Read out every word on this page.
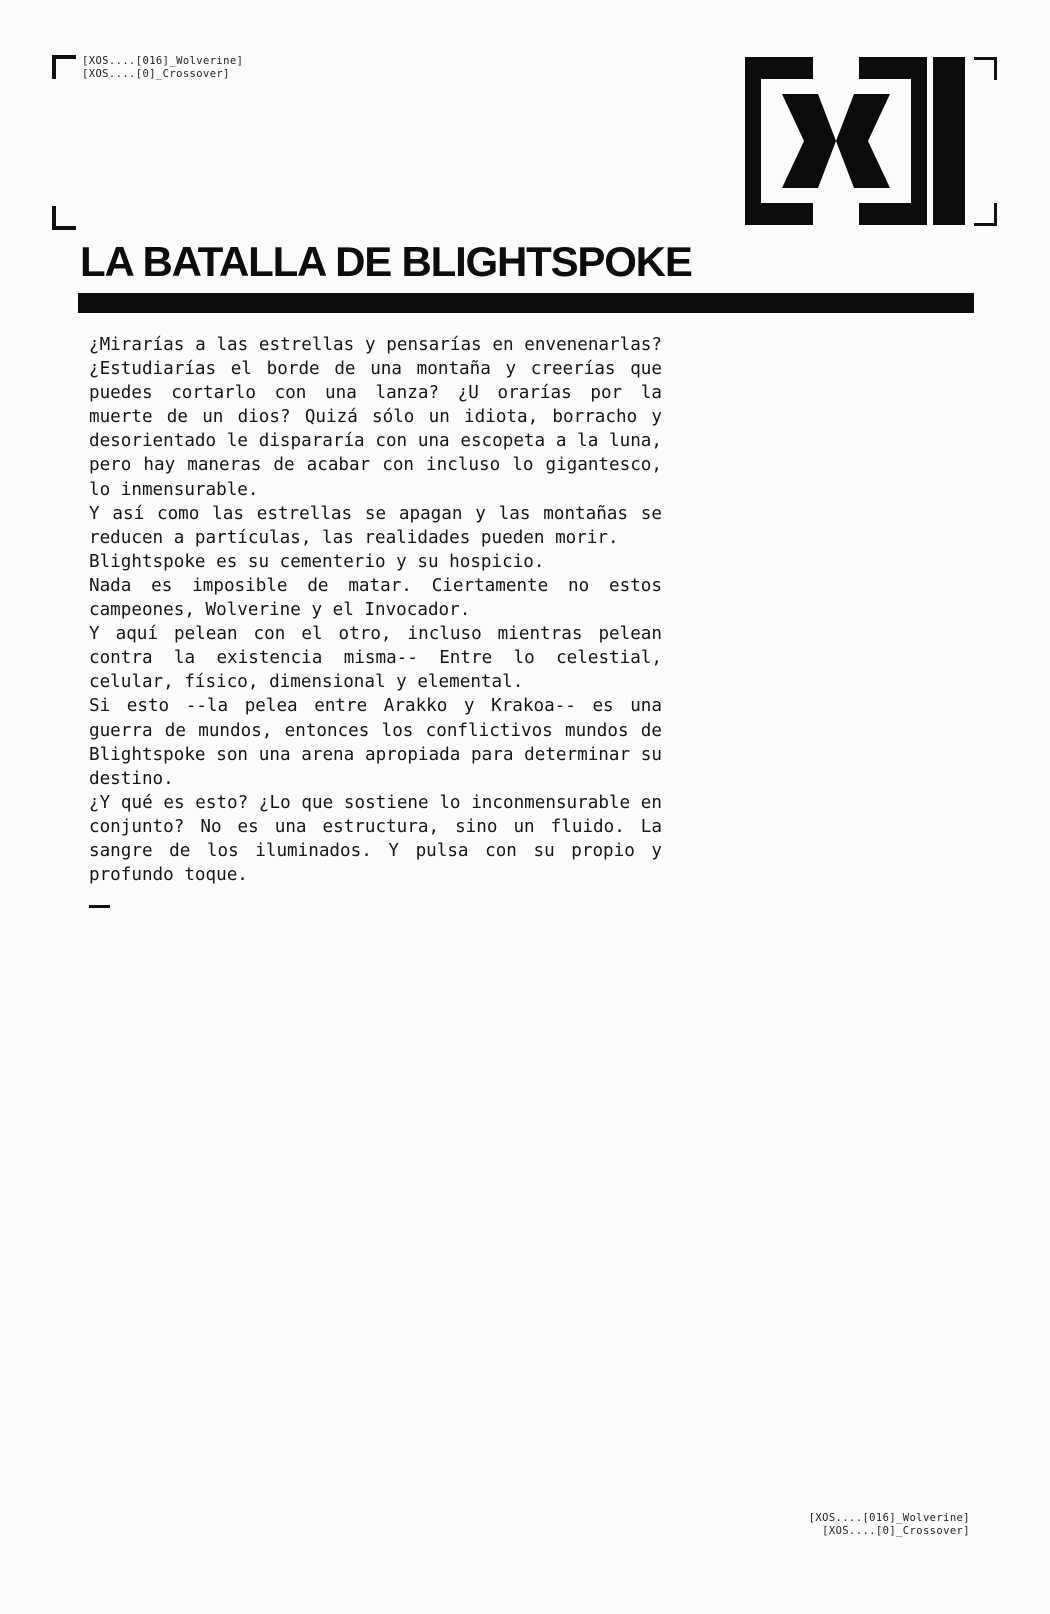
[XOS....[016]_Wolverine]
[XOS....[0]_Crossover]
LA BATALLA DE BLIGHTSPOKE

¿Mirarías a las estrellas y pensarías en envenenarlas? ¿Estudiarías el borde de una montaña y creerías que puedes cortarlo con una lanza? ¿U orarías por la muerte de un dios? Quizá sólo un idiota, borracho y desorientado le dispararía con una escopeta a la luna, pero hay maneras de acabar con incluso lo gigantesco, lo inmensurable.

Y así como las estrellas se apagan y las montañas se reducen a partículas, las realidades pueden morir.

Blightspoke es su cementerio y su hospicio.

Nada es imposible de matar. Ciertamente no estos campeones, Wolverine y el Invocador.

Y aquí pelean con el otro, incluso mientras pelean contra la existencia misma-- Entre lo celestial, celular, físico, dimensional y elemental.

Si esto --la pelea entre Arakko y Krakoa-- es una guerra de mundos, entonces los conflictivos mundos de Blightspoke son una arena apropiada para determinar su destino.

¿Y qué es esto? ¿Lo que sostiene lo inconmensurable en conjunto? No es una estructura, sino un fluido. La sangre de los iluminados. Y pulsa con su propio y profundo toque.

[XOS....[016]_Wolverine]
[XOS....[0]_Crossover]
